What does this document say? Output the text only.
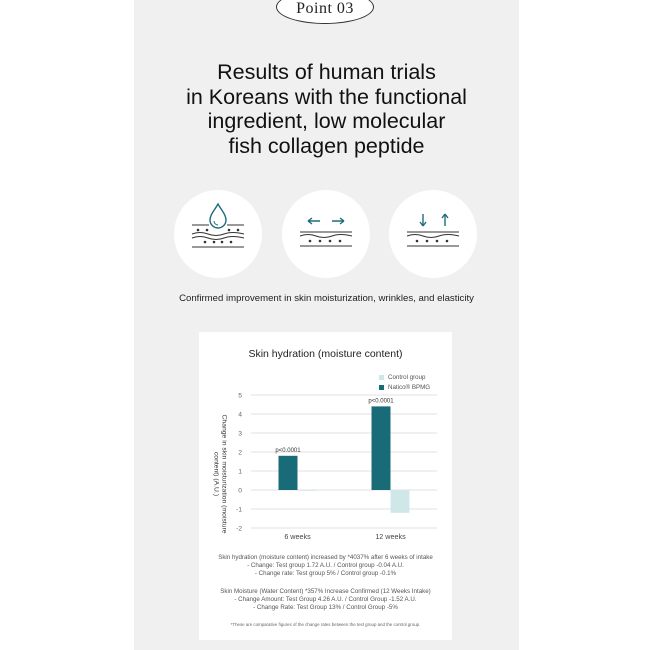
Point 03
Results of human trials
in Koreans with the functional
ingredient, low molecular
fish collagen peptide
Confirmed improvement in skin moisturization, wrinkles, and elasticity
Skin hydration (moisture content)
Control group
Natico® BPMG
Change in skin moisturization (moisture content) (A.U.)
-2
-1
0
1
2
3
4
5
p<0.0001
6 weeks
p<0.0001
12 weeks
Skin hydration (moisture content) increased by *4037% after 6 weeks of intake
- Change: Test group 1.72 A.U. / Control group -0.04 A.U.
- Change rate: Test group 5% / Control group -0.1%
Skin Moisture (Water Content) *357% Increase Confirmed (12 Weeks Intake)
- Change Amount: Test Group 4.26 A.U. / Control Group -1.52 A.U.
- Change Rate: Test Group 13% / Control Group -5%
*These are comparative figures of the change rates between the test group and the control group.
